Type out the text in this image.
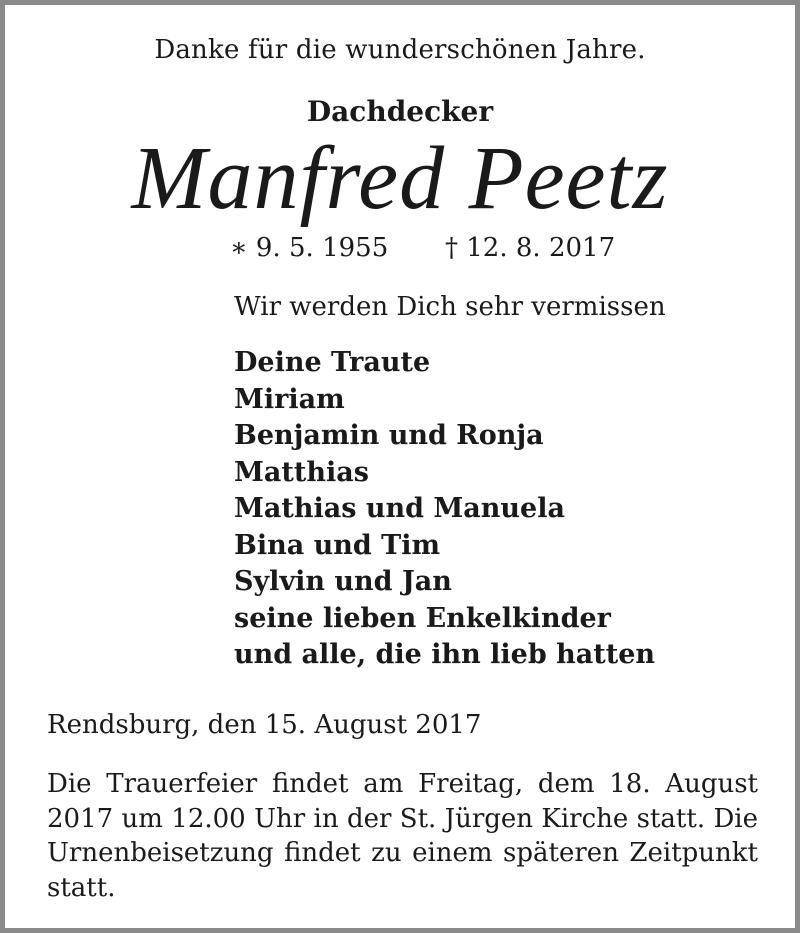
Danke für die wunderschönen Jahre.
Dachdecker
Manfred Peetz
∗ 9. 5. 1955 † 12. 8. 2017
Wir werden Dich sehr vermissen
Deine Traute
Miriam
Benjamin und Ronja
Matthias
Mathias und Manuela
Bina und Tim
Sylvin und Jan
seine lieben Enkelkinder
und alle, die ihn lieb hatten
Rendsburg, den 15. August 2017

Die Trauerfeier findet am Freitag, dem 18. August 2017 um 12.00 Uhr in der St. Jürgen Kirche statt. Die Urnenbeisetzung findet zu einem späteren Zeitpunkt statt.
